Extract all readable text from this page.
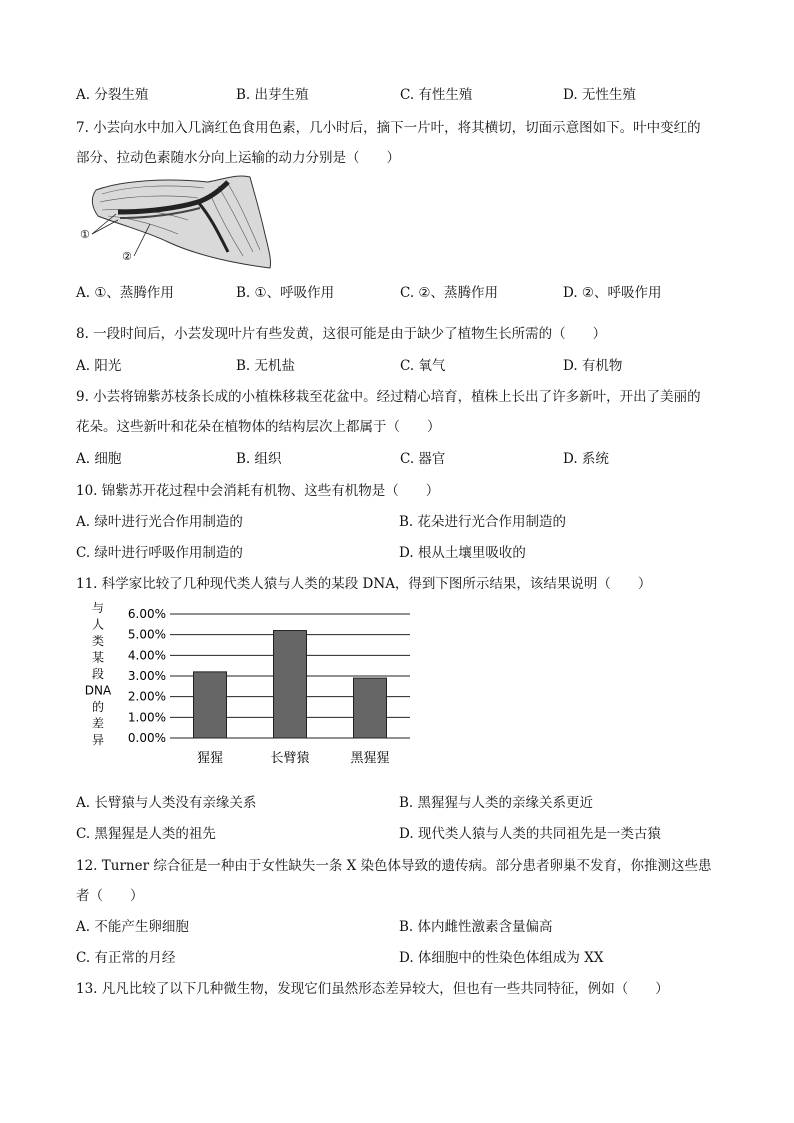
A. 分裂生殖	B. 出芽生殖	C. 有性生殖	D. 无性生殖
7. 小芸向水中加入几滴红色食用色素，几小时后，摘下一片叶，将其横切，切面示意图如下。叶中变红的
部分、拉动色素随水分向上运输的动力分别是（　　）
①
②
A. ①、蒸腾作用	B. ①、呼吸作用	C. ②、蒸腾作用	D. ②、呼吸作用
8. 一段时间后，小芸发现叶片有些发黄，这很可能是由于缺少了植物生长所需的（　　）
A. 阳光	B. 无机盐	C. 氧气	D. 有机物
9. 小芸将锦紫苏枝条长成的小植株移栽至花盆中。经过精心培育，植株上长出了许多新叶，开出了美丽的
花朵。这些新叶和花朵在植物体的结构层次上都属于（　　）
A. 细胞	B. 组织	C. 器官	D. 系统
10. 锦紫苏开花过程中会消耗有机物、这些有机物是（　　）
A. 绿叶进行光合作用制造的	B. 花朵进行光合作用制造的
C. 绿叶进行呼吸作用制造的	D. 根从土壤里吸收的
11. 科学家比较了几种现代类人猿与人类的某段 DNA，得到下图所示结果，该结果说明（　　）
与
人
类
某
段
DNA
的
差
异 0.00%
1.00%
2.00%
3.00%
4.00%
5.00%
6.00%
猩猩	长臂猿	黑猩猩
A. 长臂猿与人类没有亲缘关系	B. 黑猩猩与人类的亲缘关系更近
C. 黑猩猩是人类的祖先	D. 现代类人猿与人类的共同祖先是一类古猿
12. Turner 综合征是一种由于女性缺失一条 X 染色体导致的遗传病。部分患者卵巢不发育，你推测这些患
者（　　）
A. 不能产生卵细胞	B. 体内雌性激素含量偏高
C. 有正常的月经	D. 体细胞中的性染色体组成为 XX
13. 凡凡比较了以下几种微生物，发现它们虽然形态差异较大，但也有一些共同特征，例如（　　）
